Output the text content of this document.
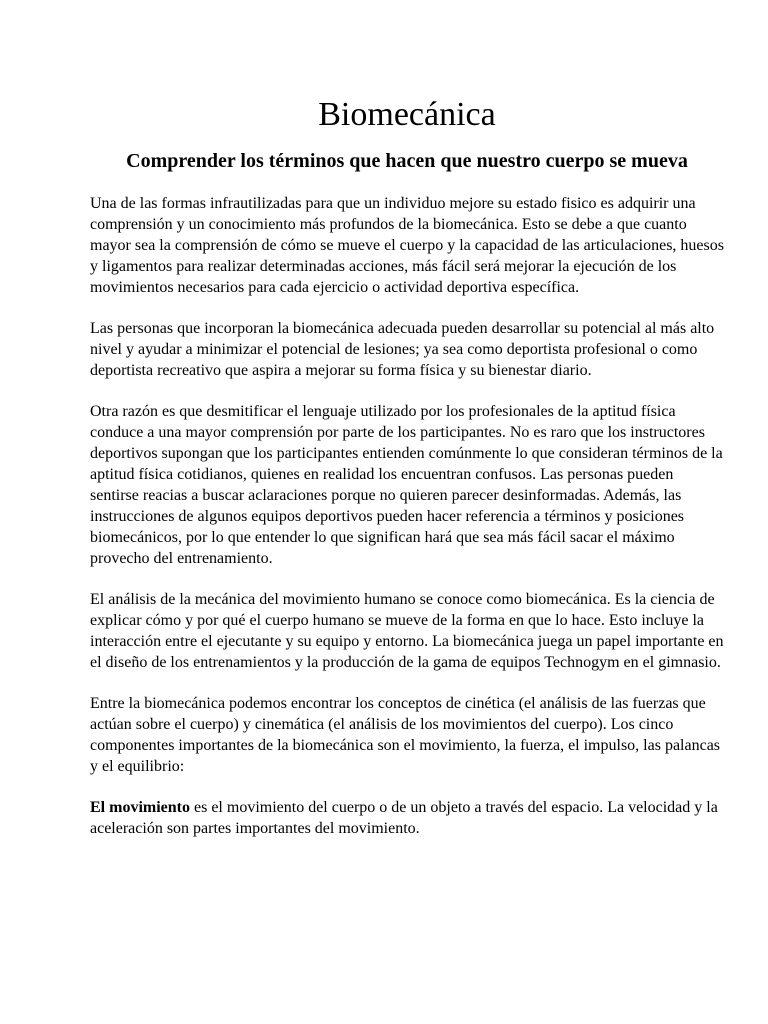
Biomecánica
Comprender los términos que hacen que nuestro cuerpo se mueva

Una de las formas infrautilizadas para que un individuo mejore su estado fisico es adquirir una comprensión y un conocimiento más profundos de la biomecánica. Esto se debe a que cuanto mayor sea la comprensión de cómo se mueve el cuerpo y la capacidad de las articulaciones, huesos y ligamentos para realizar determinadas acciones, más fácil será mejorar la ejecución de los movimientos necesarios para cada ejercicio o actividad deportiva específica.

Las personas que incorporan la biomecánica adecuada pueden desarrollar su potencial al más alto nivel y ayudar a minimizar el potencial de lesiones; ya sea como deportista profesional o como deportista recreativo que aspira a mejorar su forma física y su bienestar diario.

Otra razón es que desmitificar el lenguaje utilizado por los profesionales de la aptitud física conduce a una mayor comprensión por parte de los participantes. No es raro que los instructores deportivos supongan que los participantes entienden comúnmente lo que consideran términos de la aptitud física cotidianos, quienes en realidad los encuentran confusos. Las personas pueden sentirse reacias a buscar aclaraciones porque no quieren parecer desinformadas. Además, las instrucciones de algunos equipos deportivos pueden hacer referencia a términos y posiciones biomecánicos, por lo que entender lo que significan hará que sea más fácil sacar el máximo provecho del entrenamiento.

El análisis de la mecánica del movimiento humano se conoce como biomecánica. Es la ciencia de explicar cómo y por qué el cuerpo humano se mueve de la forma en que lo hace. Esto incluye la interacción entre el ejecutante y su equipo y entorno. La biomecánica juega un papel importante en el diseño de los entrenamientos y la producción de la gama de equipos Technogym en el gimnasio.

Entre la biomecánica podemos encontrar los conceptos de cinética (el análisis de las fuerzas que actúan sobre el cuerpo) y cinemática (el análisis de los movimientos del cuerpo). Los cinco componentes importantes de la biomecánica son el movimiento, la fuerza, el impulso, las palancas y el equilibrio:

El movimiento es el movimiento del cuerpo o de un objeto a través del espacio. La velocidad y la aceleración son partes importantes del movimiento.
